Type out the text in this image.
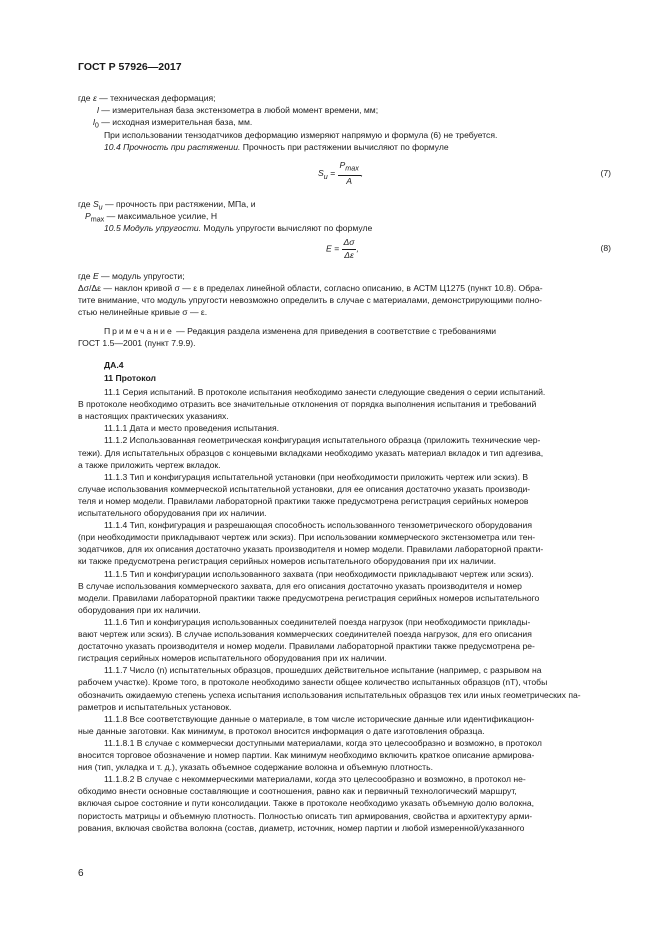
ГОСТ Р 57926—2017
где ε — техническая деформация;
l — измерительная база экстензометра в любой момент времени, мм;
$l_0$ — исходная измерительная база, мм.
При использовании тензодатчиков деформацию измеряют напрямую и формула (6) не требуется.
10.4 Прочность при растяжении. Прочность при растяжении вычисляют по формуле
$S_u = \frac{P_{max}}{A}$ ,	(7)
где $S_u$ — прочность при растяжении, МПа, и
$P_{max}$ — максимальное усилие, Н
10.5 Модуль упругости. Модуль упругости вычисляют по формуле
$E = \frac{\Delta\sigma}{\Delta\varepsilon}$ ,	(8)
где E — модуль упругости;
Δσ/Δε — наклон кривой σ — ε в пределах линейной области, согласно описанию, в АСТМ Ц1275 (пункт 10.8). Обра-
тите внимание, что модуль упругости невозможно определить в случае с материалами, демонстрирующими полно-
стью нелинейные кривые σ — ε.
Примечание — Редакция раздела изменена для приведения в соответствие с требованиями
ГОСТ 1.5—2001 (пункт 7.9.9).
ДА.4
11 Протокол
11.1 Серия испытаний. В протоколе испытания необходимо занести следующие сведения о серии испытаний.
В протоколе необходимо отразить все значительные отклонения от порядка выполнения испытания и требований
в настоящих практических указаниях.
11.1.1 Дата и место проведения испытания.
11.1.2 Использованная геометрическая конфигурация испытательного образца (приложить технические чер-
тежи). Для испытательных образцов с концевыми вкладками необходимо указать материал вкладок и тип адгезива,
а также приложить чертеж вкладок.
11.1.3 Тип и конфигурация испытательной установки (при необходимости приложить чертеж или эскиз). В
случае использования коммерческой испытательной установки, для ее описания достаточно указать производи-
теля и номер модели. Правилами лабораторной практики также предусмотрена регистрация серийных номеров
испытательного оборудования при их наличии.
11.1.4 Тип, конфигурация и разрешающая способность использованного тензометрического оборудования
(при необходимости прикладывают чертеж или эскиз). При использовании коммерческого экстензометра или тен-
зодатчиков, для их описания достаточно указать производителя и номер модели. Правилами лабораторной практи-
ки также предусмотрена регистрация серийных номеров испытательного оборудования при их наличии.
11.1.5 Тип и конфигурации использованного захвата (при необходимости прикладывают чертеж или эскиз).
В случае использования коммерческого захвата, для его описания достаточно указать производителя и номер
модели. Правилами лабораторной практики также предусмотрена регистрация серийных номеров испытательного
оборудования при их наличии.
11.1.6 Тип и конфигурация использованных соединителей поезда нагрузок (при необходимости приклады-
вают чертеж или эскиз). В случае использования коммерческих соединителей поезда нагрузок, для его описания
достаточно указать производителя и номер модели. Правилами лабораторной практики также предусмотрена ре-
гистрация серийных номеров испытательного оборудования при их наличии.
11.1.7 Число (n) испытательных образцов, прошедших действительное испытание (например, с разрывом на
рабочем участке). Кроме того, в протоколе необходимо занести общее количество испытанных образцов (nT), чтобы
обозначить ожидаемую степень успеха испытания использования испытательных образцов тех или иных геометрических па-
раметров и испытательных установок.
11.1.8 Все соответствующие данные о материале, в том числе исторические данные или идентификацион-
ные данные заготовки. Как минимум, в протокол вносится информация о дате изготовления образца.
11.1.8.1 В случае с коммерчески доступными материалами, когда это целесообразно и возможно, в протокол
вносится торговое обозначение и номер партии. Как минимум необходимо включить краткое описание армирова-
ния (тип, укладка и т. д.), указать объемное содержание волокна и объемную плотность.
11.1.8.2 В случае с некоммерческими материалами, когда это целесообразно и возможно, в протокол не-
обходимо внести основные составляющие и соотношения, равно как и первичный технологический маршрут,
включая сырое состояние и пути консолидации. Также в протоколе необходимо указать объемную долю волокна,
пористость матрицы и объемную плотность. Полностью описать тип армирования, свойства и архитектуру арми-
рования, включая свойства волокна (состав, диаметр, источник, номер партии и любой измеренной/указанного
6
